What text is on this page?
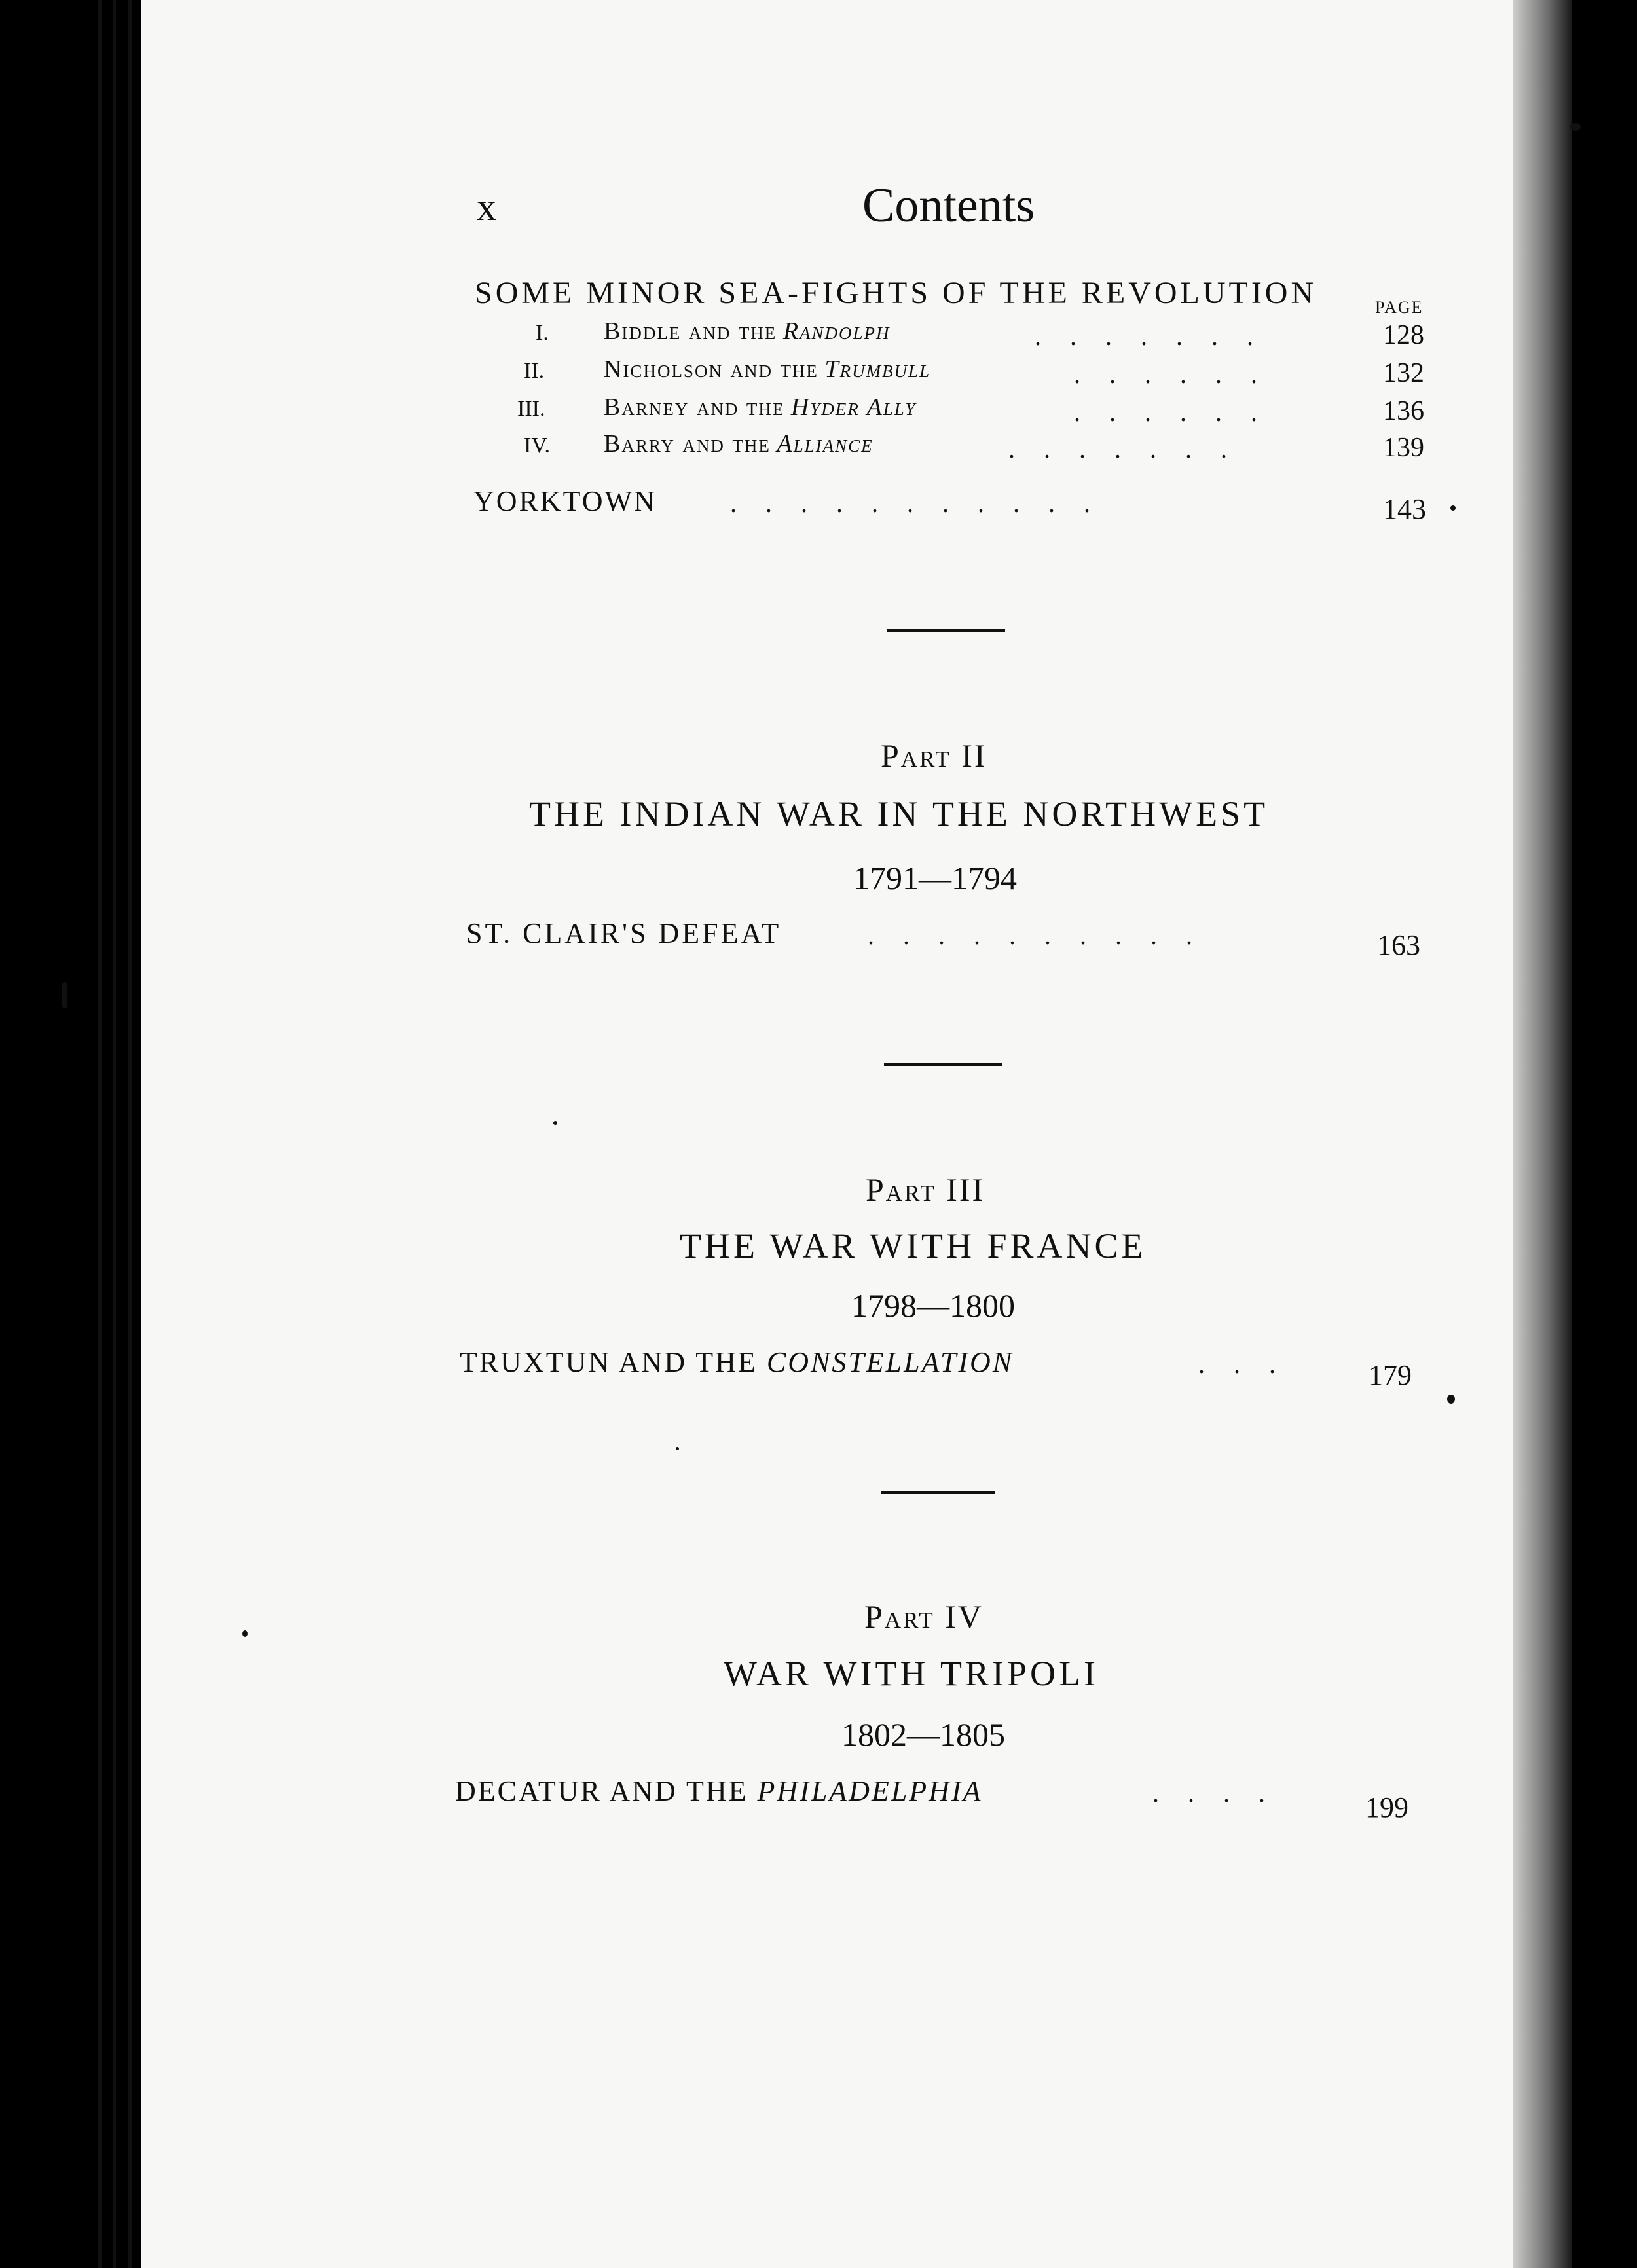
x	Contents
SOME MINOR SEA-FIGHTS OF THE REVOLUTION	PAGE
I. Biddle and the Randolph	.......	128
II. Nicholson and the Trumbull	......	132
III. Barney and the Hyder Ally	......	136
IV. Barry and the Alliance	.......	139
YORKTOWN	...........	143
Part II
THE INDIAN WAR IN THE NORTHWEST
1791—1794
ST. CLAIR'S DEFEAT	..........	163
Part III
THE WAR WITH FRANCE
1798—1800
TRUXTUN AND THE CONSTELLATION	... 179
Part IV
WAR WITH TRIPOLI
1802—1805
DECATUR AND THE PHILADELPHIA	.... 199
